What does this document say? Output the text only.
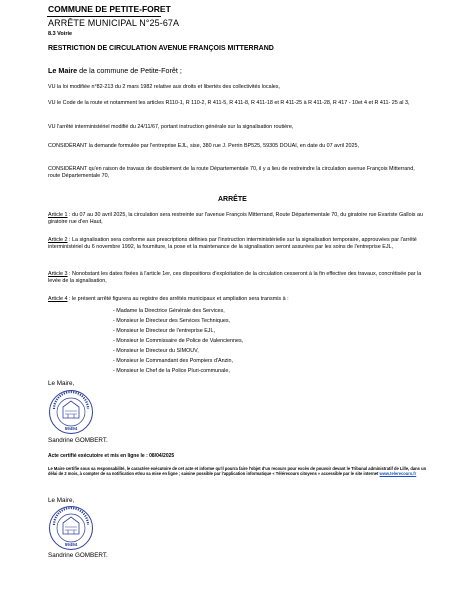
COMMUNE DE PETITE-FORET
ARRÊTE MUNICIPAL N°25-67A
8.3 Voirie
RESTRICTION DE CIRCULATION AVENUE FRANÇOIS MITTERRAND
Le Maire de la commune de Petite-Forêt ;
VU la loi modifiée n°82-213 du 2 mars 1982 relative aux droits et libertés des collectivités locales,
VU le Code de la route et notamment les articles R110-1, R 110-2, R 411-5, R 411-8, R 411-18 et R 411-25 à R 411-28, R 417 - 10et 4 et R 411- 25 al 3,
VU l'arrêté interministériel modifié du 24/11/67, portant instruction générale sur la signalisation routière,
CONSIDÉRANT la demande formulée par l'entreprise EJL, sise, 380 rue J. Perrin BP525, 59305 DOUAI, en date du 07 avril 2025,
CONSIDÉRANT qu'en raison de travaux de doublement de la route Départementale 70, il y a lieu de restreindre la circulation avenue François Mitterrand, route Départementale 70,
ARRÊTE
Article 1 : du 07 au 30 avril 2025, la circulation sera restreinte sur l'avenue François Mitterrand, Route Départementale 70, du giratoire rue Evariste Gallois au giratoire rue d'en Haut,
Article 2 : La signalisation sera conforme aux prescriptions définies par l'instruction interministérielle sur la signalisation temporaire, approuvées par l'arrêté interministériel du 6 novembre 1992, la fourniture, la pose et la maintenance de la signalisation seront assurées par les soins de l'entreprise EJL,
Article 3 : Nonobstant les dates fixées à l'article 1er, ces dispositions d'exploitation de la circulation cesseront à la fin effective des travaux, concrétisée par la levée de la signalisation,
Article 4 : le présent arrêté figurera au registre des arrêtés municipaux et ampliation sera transmis à :
- Madame la Directrice Générale des Services,
- Monsieur le Directeur des Services Techniques,
- Monsieur le Directeur de l'entreprise EJL,
- Monsieur le Commissaire de Police de Valenciennes,
- Monsieur le Directeur du SIMOUV,
- Monsieur le Commandant des Pompiers d'Anzin,
- Monsieur le Chef de la Police Pluri-communale,
Le Maire,
59494
Sandrine GOMBERT.
Acte certifié exécutoire et mis en ligne le : 08/04/2025
Le Maire certifie sous sa responsabilité, le caractère exécutoire de cet acte et informe qu'il pourra faire l'objet d'un recours pour excès de pouvoir devant le Tribunal administratif de Lille, dans un délai de 2 mois, à compter de sa notification et/ou sa mise en ligne ; saisine possible par l'application informatique « Télérecours citoyens » accessible par le site internet www.telerecours.fr
Le Maire,
59494
Sandrine GOMBERT.
